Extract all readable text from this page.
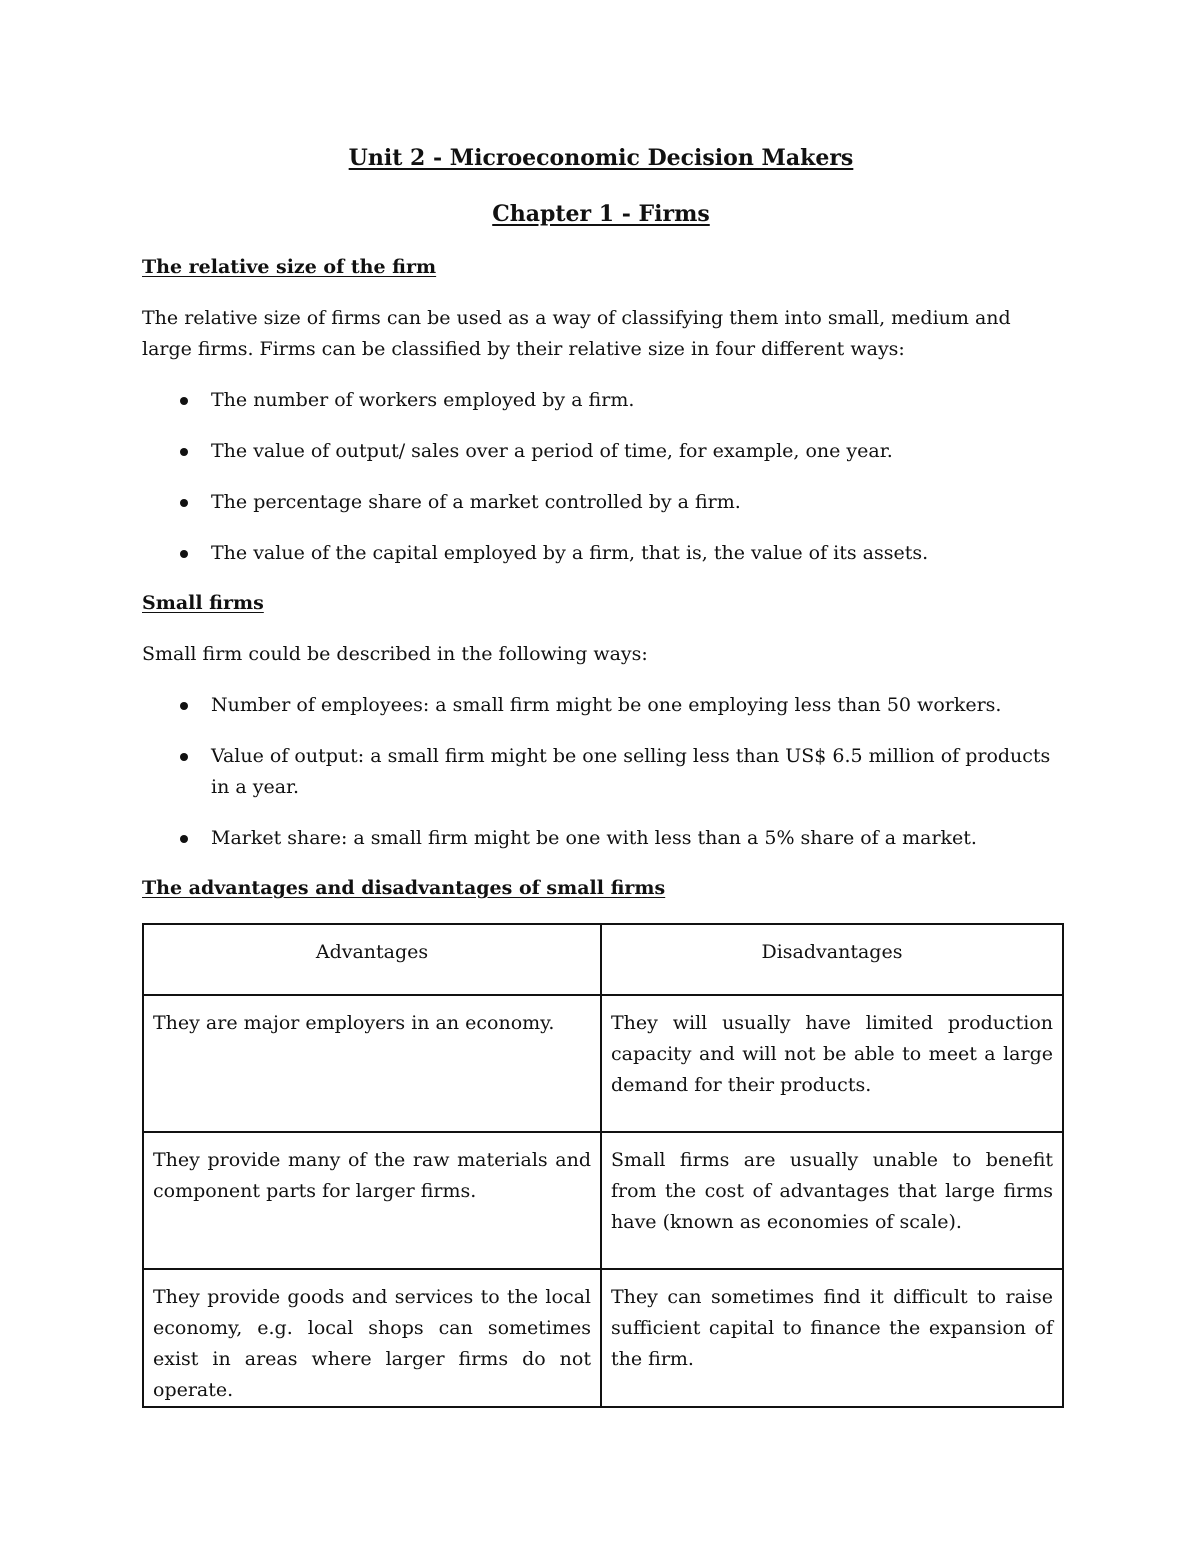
Unit 2 - Microeconomic Decision Makers
Chapter 1 - Firms
The relative size of the firm

The relative size of firms can be used as a way of classifying them into small, medium and large firms. Firms can be classified by their relative size in four different ways:

The number of workers employed by a firm.
The value of output/ sales over a period of time, for example, one year.
The percentage share of a market controlled by a firm.
The value of the capital employed by a firm, that is, the value of its assets.
Small firms

Small firm could be described in the following ways:

Number of employees: a small firm might be one employing less than 50 workers.
Value of output: a small firm might be one selling less than US$ 6.5 million of products in a year.
Market share: a small firm might be one with less than a 5% share of a market.
The advantages and disadvantages of small firms
Advantages	Disadvantages
They are major employers in an economy.	They will usually have limited production capacity and will not be able to meet a large demand for their products.
They provide many of the raw materials and component parts for larger firms.	Small firms are usually unable to benefit from the cost of advantages that large firms have (known as economies of scale).
They provide goods and services to the local economy, e.g. local shops can sometimes exist in areas where larger firms do not operate.	They can sometimes find it difficult to raise sufficient capital to finance the expansion of the firm.
